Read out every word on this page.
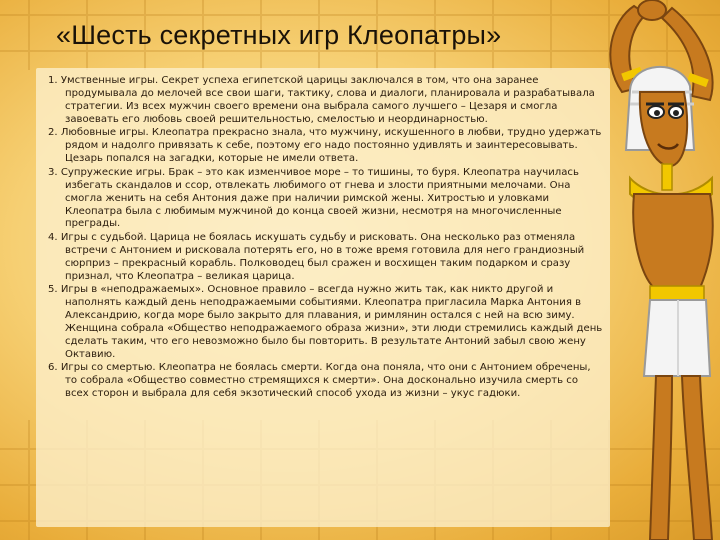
«Шесть секретных игр Клеопатры»
1. Умственные игры. Секрет успеха египетской царицы заключался в том, что она заранее продумывала до мелочей все свои шаги, тактику, слова и диалоги, планировала и разрабатывала стратегии. Из всех мужчин своего времени она выбрала самого лучшего – Цезаря и смогла завоевать его любовь своей решительностью, смелостью и неординарностью.
2. Любовные игры. Клеопатра прекрасно знала, что мужчину, искушенного в любви, трудно удержать рядом и надолго привязать к себе, поэтому его надо постоянно удивлять и заинтересовывать. Цезарь попался на загадки, которые не имели ответа.
3. Супружеские игры. Брак – это как изменчивое море – то тишины, то буря. Клеопатра научилась избегать скандалов и ссор, отвлекать любимого от гнева и злости приятными мелочами. Она смогла женить на себя Антония даже при наличии римской жены. Хитростью и уловками Клеопатра была с любимым мужчиной до конца своей жизни, несмотря на многочисленные преграды.
4. Игры с судьбой. Царица не боялась искушать судьбу и рисковать. Она несколько раз отменяла встречи с Антонием и рисковала потерять его, но в тоже время готовила для него грандиозный сюрприз – прекрасный корабль. Полководец был сражен и восхищен таким подарком и сразу признал, что Клеопатра – великая царица.
5. Игры в «неподражаемых». Основное правило – всегда нужно жить так, как никто другой и наполнять каждый день неподражаемыми событиями. Клеопатра пригласила Марка Антония в Александрию, когда море было закрыто для плавания, и римлянин остался с ней на всю зиму. Женщина собрала «Общество неподражаемого образа жизни», эти люди стремились каждый день сделать таким, что его невозможно было бы повторить. В результате Антоний забыл свою жену Октавию.
6. Игры со смертью. Клеопатра не боялась смерти. Когда она поняла, что они с Антонием обречены, то собрала «Общество совместно стремящихся к смерти». Она досконально изучила смерть со всех сторон и выбрала для себя экзотический способ ухода из жизни – укус гадюки.
